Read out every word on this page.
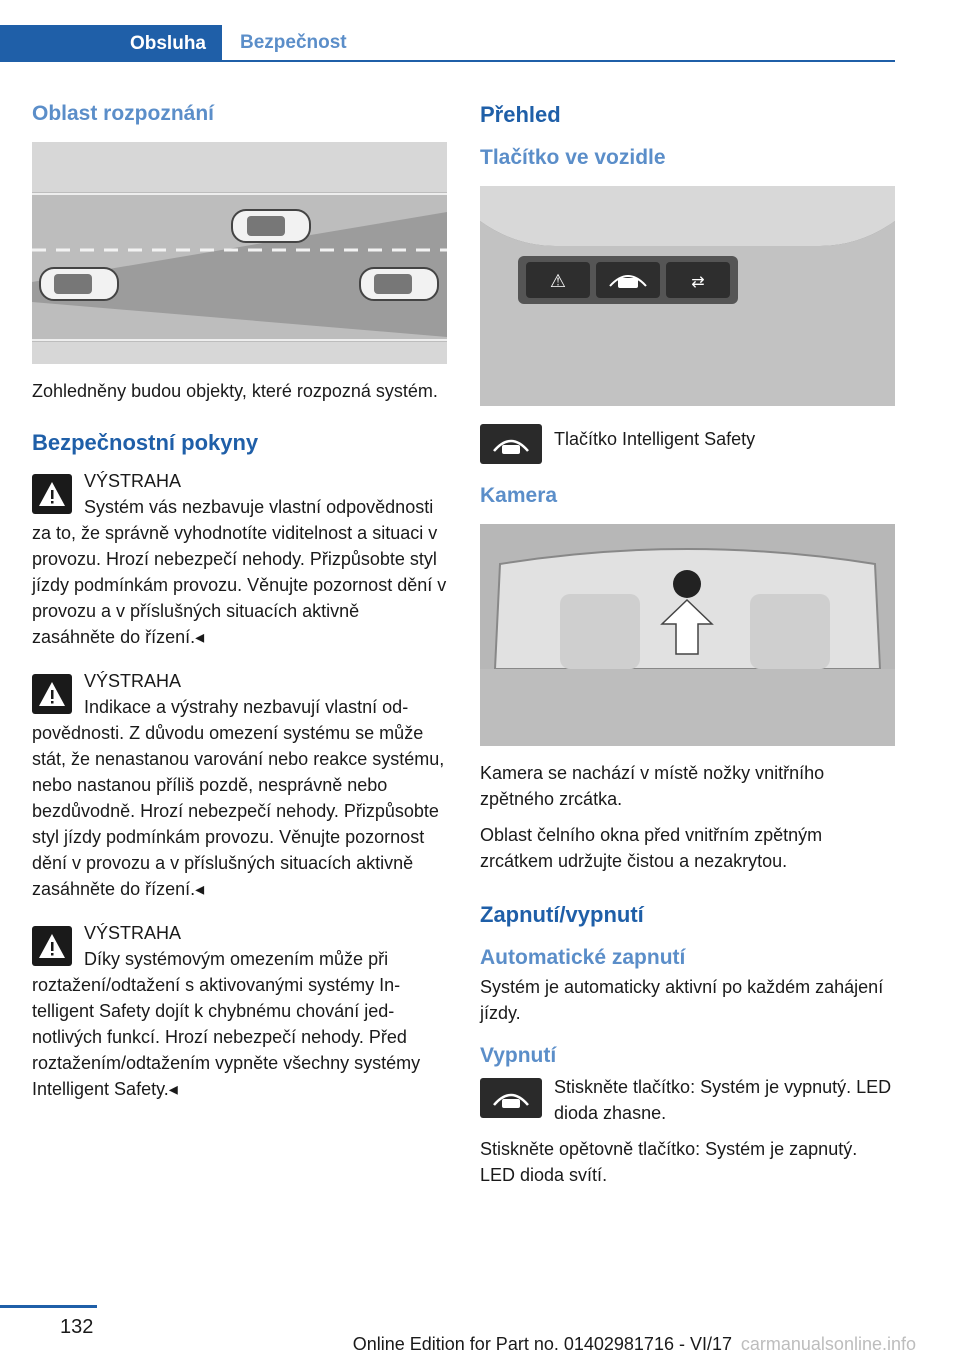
Obsluha	Bezpečnost
Oblast rozpoznání

Zohledněny budou objekty, které rozpozná systém.

Bezpečnostní pokyny

VÝSTRAHA

Systém vás nezbavuje vlastní odpovědnosti za to, že správně vyhodnotíte viditelnost a situaci v provozu. Hrozí nebezpečí nehody. Přizpůsobte styl jízdy podmínkám provozu. Věnujte pozornost dění v provozu a v příslušných situacích aktivně zasáhněte do řízení.◂

VÝSTRAHA

Indikace a výstrahy nezbavují vlastní odpovědnosti. Z důvodu omezení systému se může stát, že nenastanou varování nebo reakce systému, nebo nastanou příliš pozdě, nesprávně nebo bezdůvodně. Hrozí nebezpečí nehody. Přizpůsobte styl jízdy podmínkám provozu. Věnujte pozornost dění v provozu a v příslušných situacích aktivně zasáhněte do řízení.◂

VÝSTRAHA

Díky systémovým omezením může při roztažení/odtažení s aktivovanými systémy Intelligent Safety dojít k chybnému chování jednotlivých funkcí. Hrozí nebezpečí nehody. Před roztažením/odtažením vypněte všechny systémy Intelligent Safety.◂

Přehled
Tlačítko ve vozidle
⚠	⇄

Tlačítko Intelligent Safety

Kamera

Kamera se nachází v místě nožky vnitřního zpětného zrcátka.

Oblast čelního okna před vnitřním zpětným zrcátkem udržujte čistou a nezakrytou.

Zapnutí/vypnutí
Automatické zapnutí

Systém je automaticky aktivní po každém zahájení jízdy.

Vypnutí

Stiskněte tlačítko: Systém je vypnutý. LED dioda zhasne.

Stiskněte opětovně tlačítko: Systém je zapnutý. LED dioda svítí.

132
Online Edition for Part no. 01402981716 - VI/17 carmanualsonline.info
